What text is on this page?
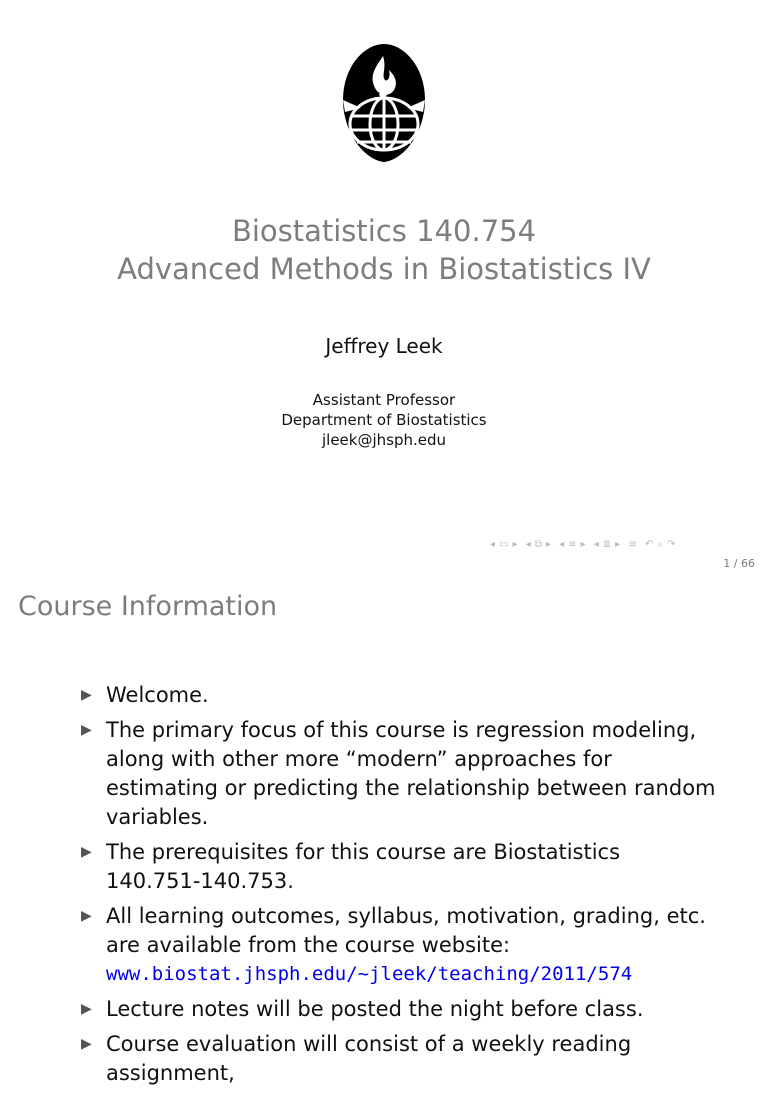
Biostatistics 140.754
Advanced Methods in Biostatistics IV
Jeffrey Leek
Assistant Professor
Department of Biostatistics
jleek@jhsph.edu
◂ ▭ ▸ ◂ ⧉ ▸ ◂ ≡ ▸ ◂ ≣ ▸ ≡ ↶ ⌕ ↷
1 / 66
Course Information
▶ Welcome.
▶ The primary focus of this course is regression modeling, along with other more “modern” approaches for estimating or predicting the relationship between random variables.
▶ The prerequisites for this course are Biostatistics 140.751-140.753.
▶ All learning outcomes, syllabus, motivation, grading, etc. are available from the course website:
www.biostat.jhsph.edu/~jleek/teaching/2011/574
▶ Lecture notes will be posted the night before class.
▶ Course evaluation will consist of a weekly reading assignment,
